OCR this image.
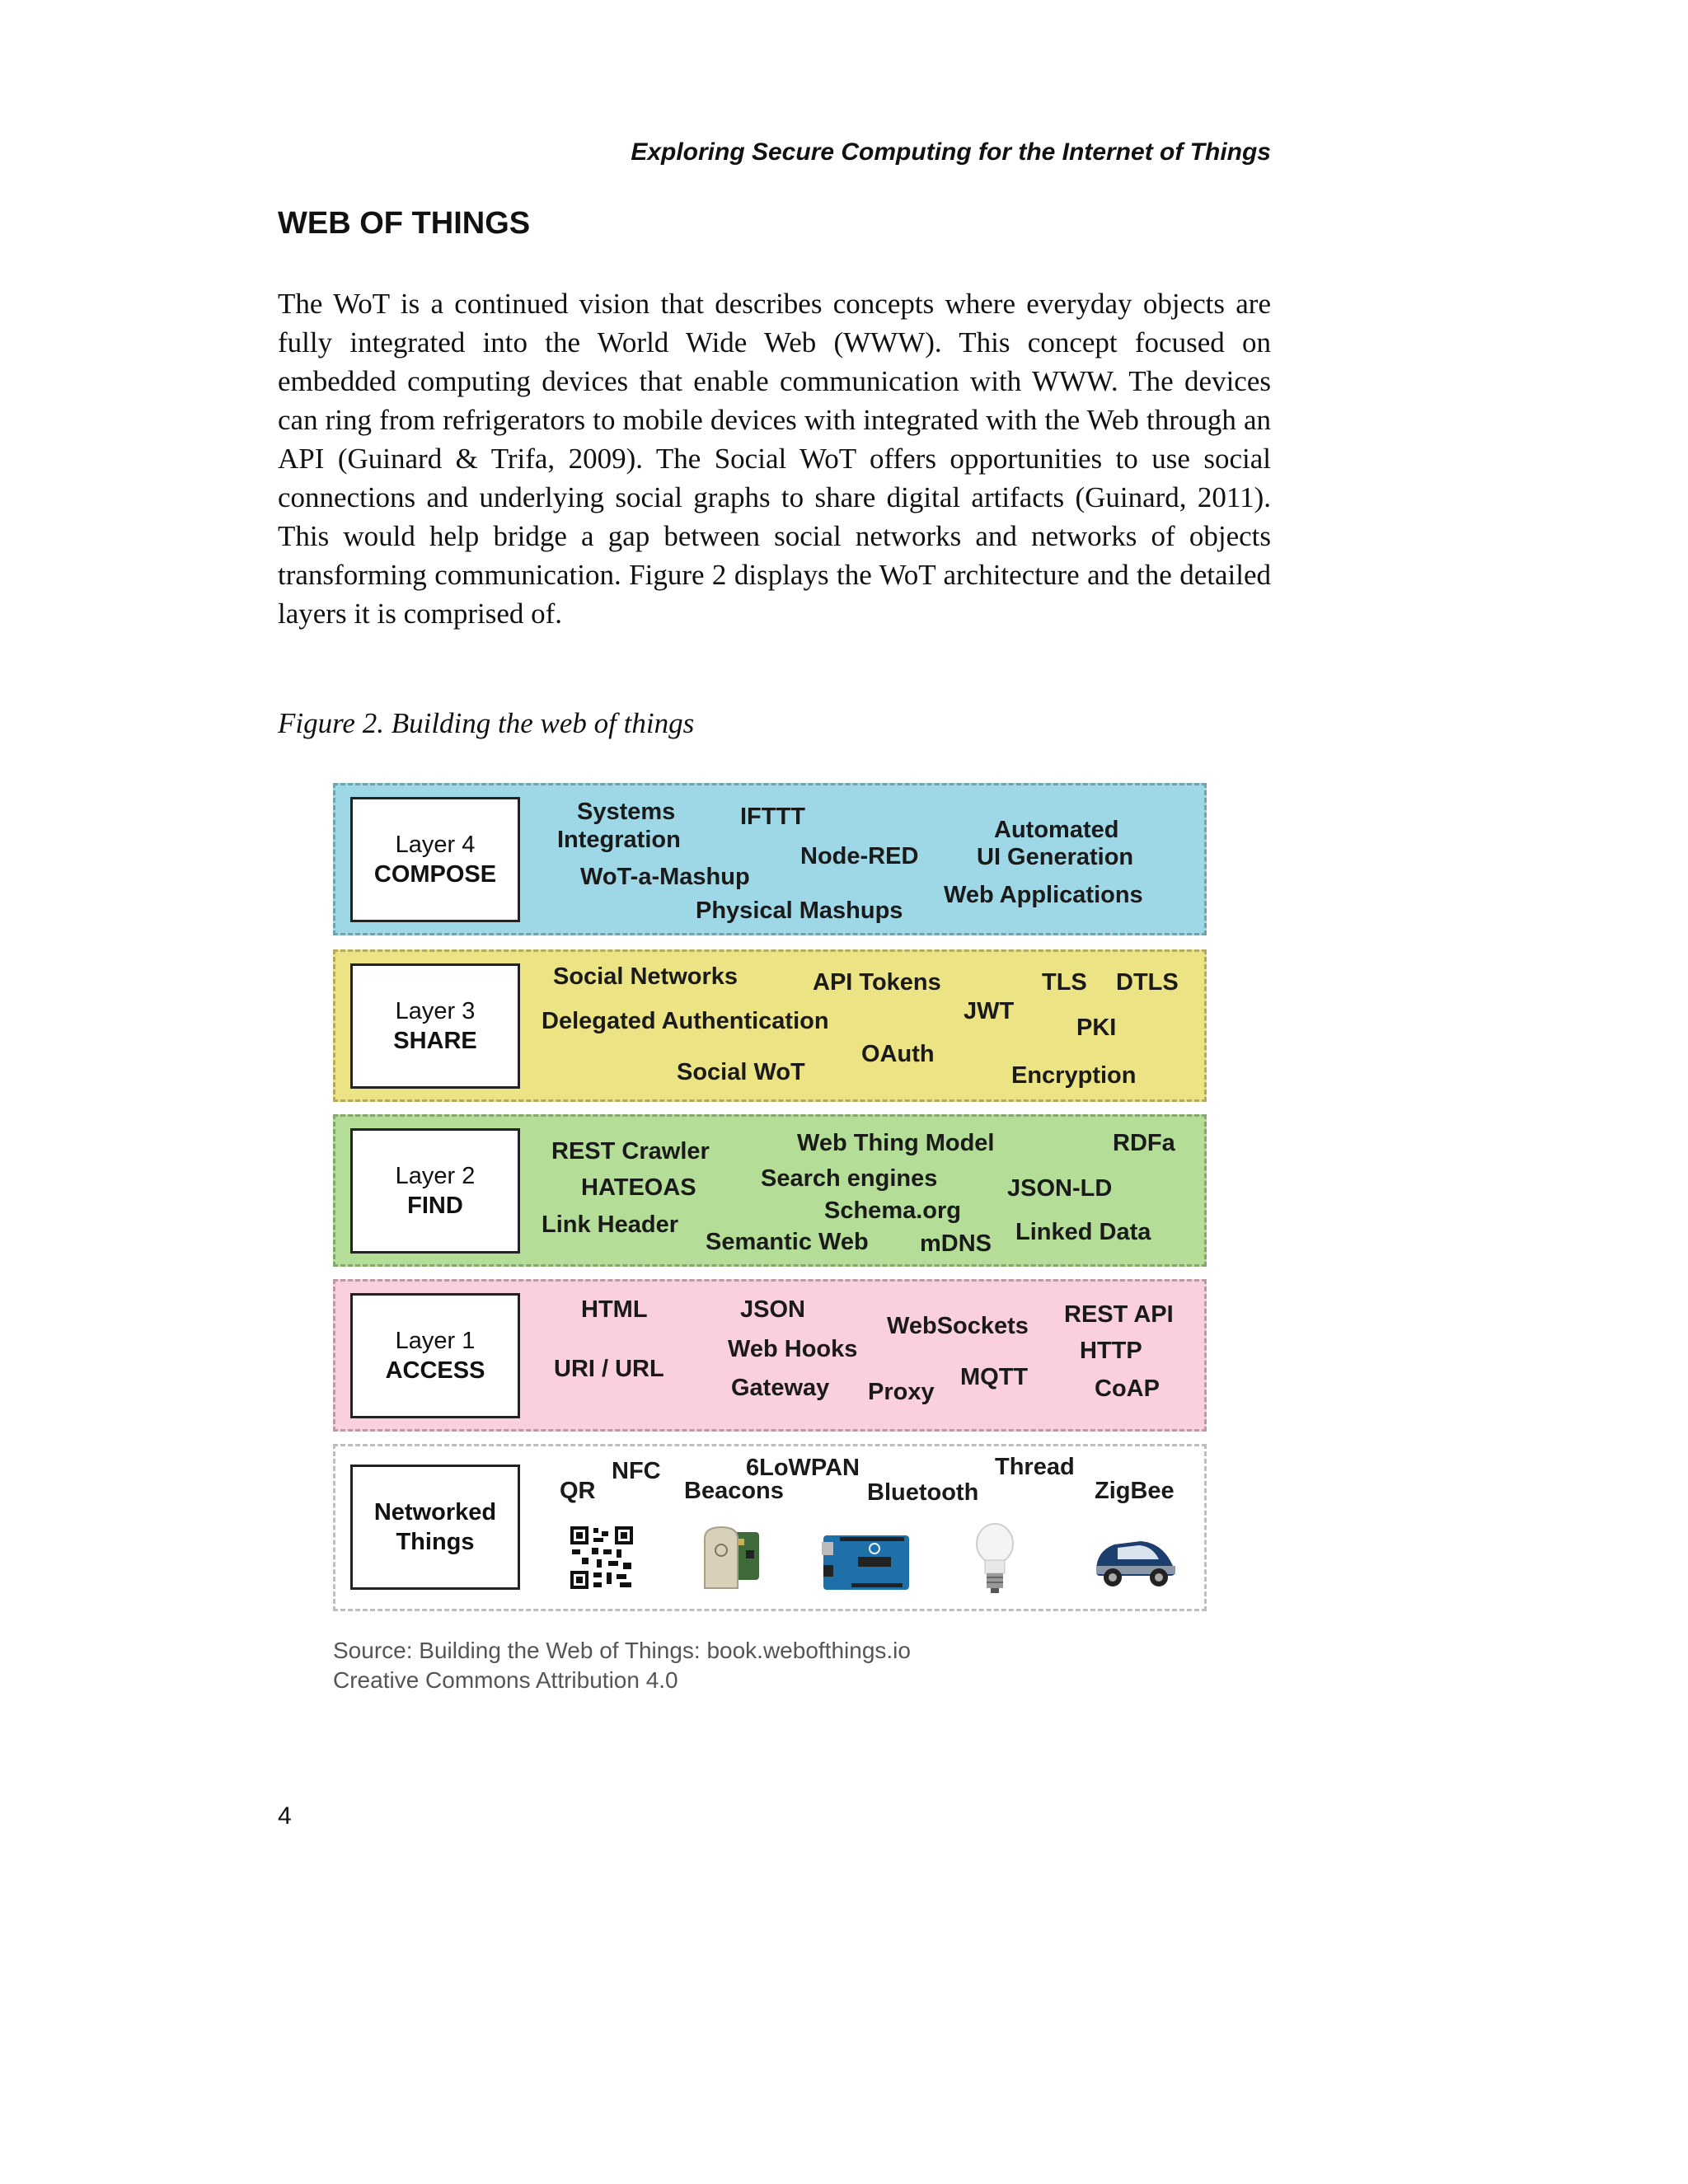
Exploring Secure Computing for the Internet of Things
WEB OF THINGS

The WoT is a continued vision that describes concepts where everyday objects are fully integrated into the World Wide Web (WWW). This concept focused on embedded computing devices that enable communication with WWW. The devices can ring from refrigerators to mobile devices with integrated with the Web through an API (Guinard & Trifa, 2009). The Social WoT offers opportunities to use social connections and underlying social graphs to share digital artifacts (Guinard, 2011). This would help bridge a gap between social networks and networks of objects transforming communication. Figure 2 displays the WoT architecture and the detailed layers it is comprised of.

Figure 2. Building the web of things
Layer 4
COMPOSE
Systems
Integration
IFTTT	Automated
Node-RED UI Generation
WoT-a-Mashup
Web Applications
Physical Mashups
Layer 3
SHARE
Social Networks	API Tokens	TLS DTLS
Delegated Authentication	JWT
PKI
OAuth
Social WoT	Encryption
Layer 2
FIND
REST Crawler	Web Thing Model	RDFa
HATEOAS	Search engines	JSON-LD
Schema.org
Link Header
Semantic Web mDNS Linked Data
Layer 1
ACCESS
HTML	JSON
WebSockets REST API
Web Hooks	HTTP
URI / URL
Gateway Proxy
MQTT	CoAP
Networked
Things
NFC	6LoWPAN	Thread
QR	Beacons	Bluetooth	ZigBee
Source: Building the Web of Things: book.webofthings.io
Creative Commons Attribution 4.0
4
